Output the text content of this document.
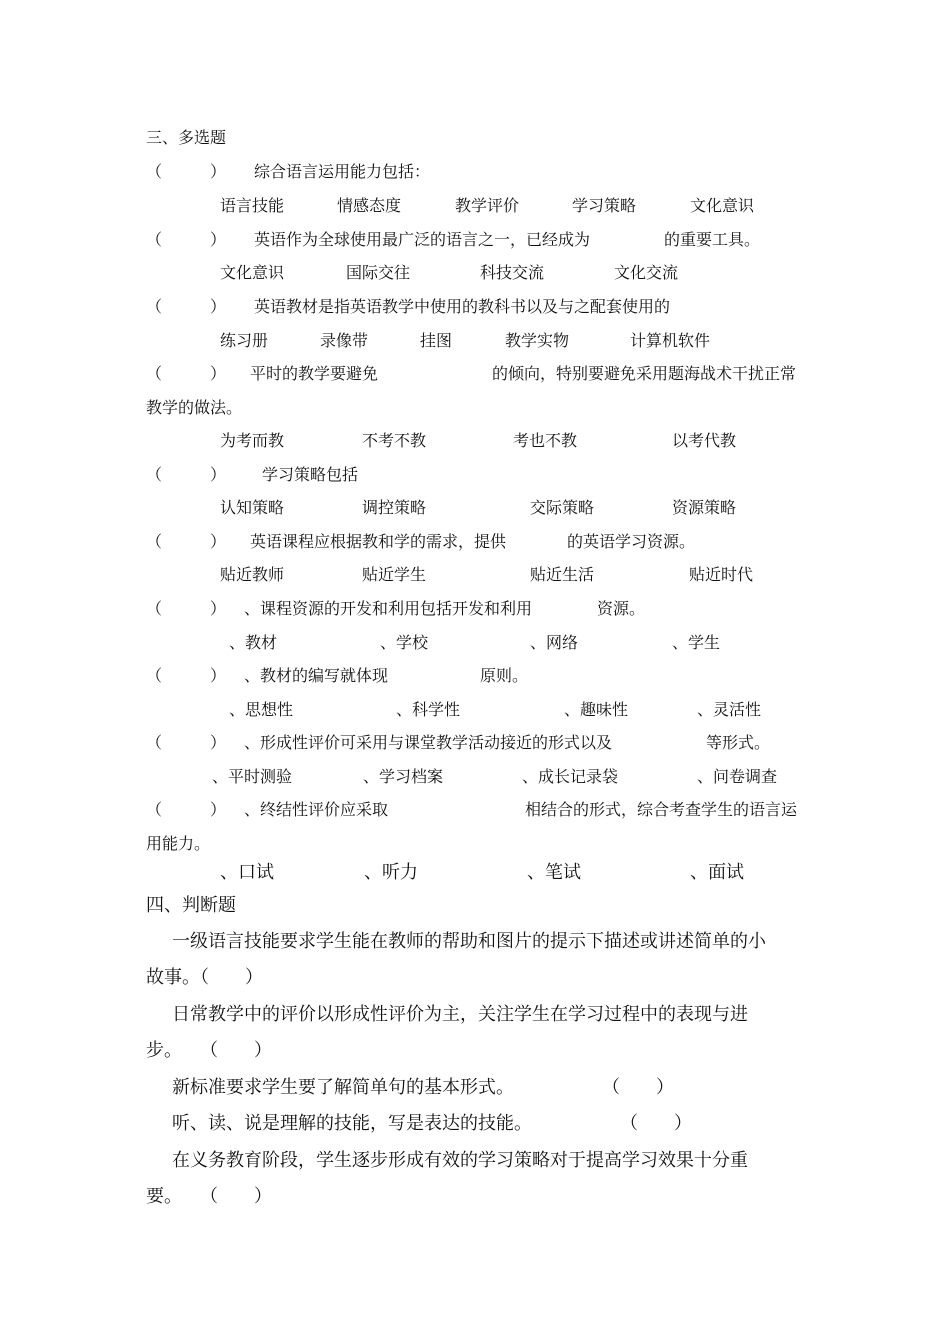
三、多选题
（　　　） 综合语言运用能力包括：
语言技能	情感态度	教学评价	学习策略	文化意识
（　　　） 英语作为全球使用最广泛的语言之一，已经成为	的重要工具。
文化意识	国际交往	科技交流	文化交流
（　　　） 英语教材是指英语教学中使用的教科书以及与之配套使用的
练习册	录像带	挂图	教学实物	计算机软件
（　　　） 平时的教学要避免	的倾向，特别要避免采用题海战术干扰正常
教学的做法。
为考而教	不考不教	考也不教	以考代教
（　　　） 学习策略包括
认知策略	调控策略	交际策略	资源策略
（　　　） 英语课程应根据教和学的需求，提供	的英语学习资源。
贴近教师	贴近学生	贴近生活	贴近时代
（　　　） 、课程资源的开发和利用包括开发和利用	资源。
、教材	、学校	、网络	、学生
（　　　） 、教材的编写就体现	原则。
、思想性	、科学性	、趣味性	、灵活性
（　　　） 、形成性评价可采用与课堂教学活动接近的形式以及	等形式。
、平时测验	、学习档案	、成长记录袋	、问卷调查
（　　　） 、终结性评价应采取	相结合的形式，综合考查学生的语言运
用能力。
、口试	、听力	、笔试	、面试
四、判断题
一级语言技能要求学生能在教师的帮助和图片的提示下描述或讲述简单的小
故事。（　　）
日常教学中的评价以形成性评价为主，关注学生在学习过程中的表现与进
步。　　（　　）
新标准要求学生要了解简单句的基本形式。	（　　）
听、读、说是理解的技能，写是表达的技能。	（　　）
在义务教育阶段，学生逐步形成有效的学习策略对于提高学习效果十分重
要。　　（　　）
